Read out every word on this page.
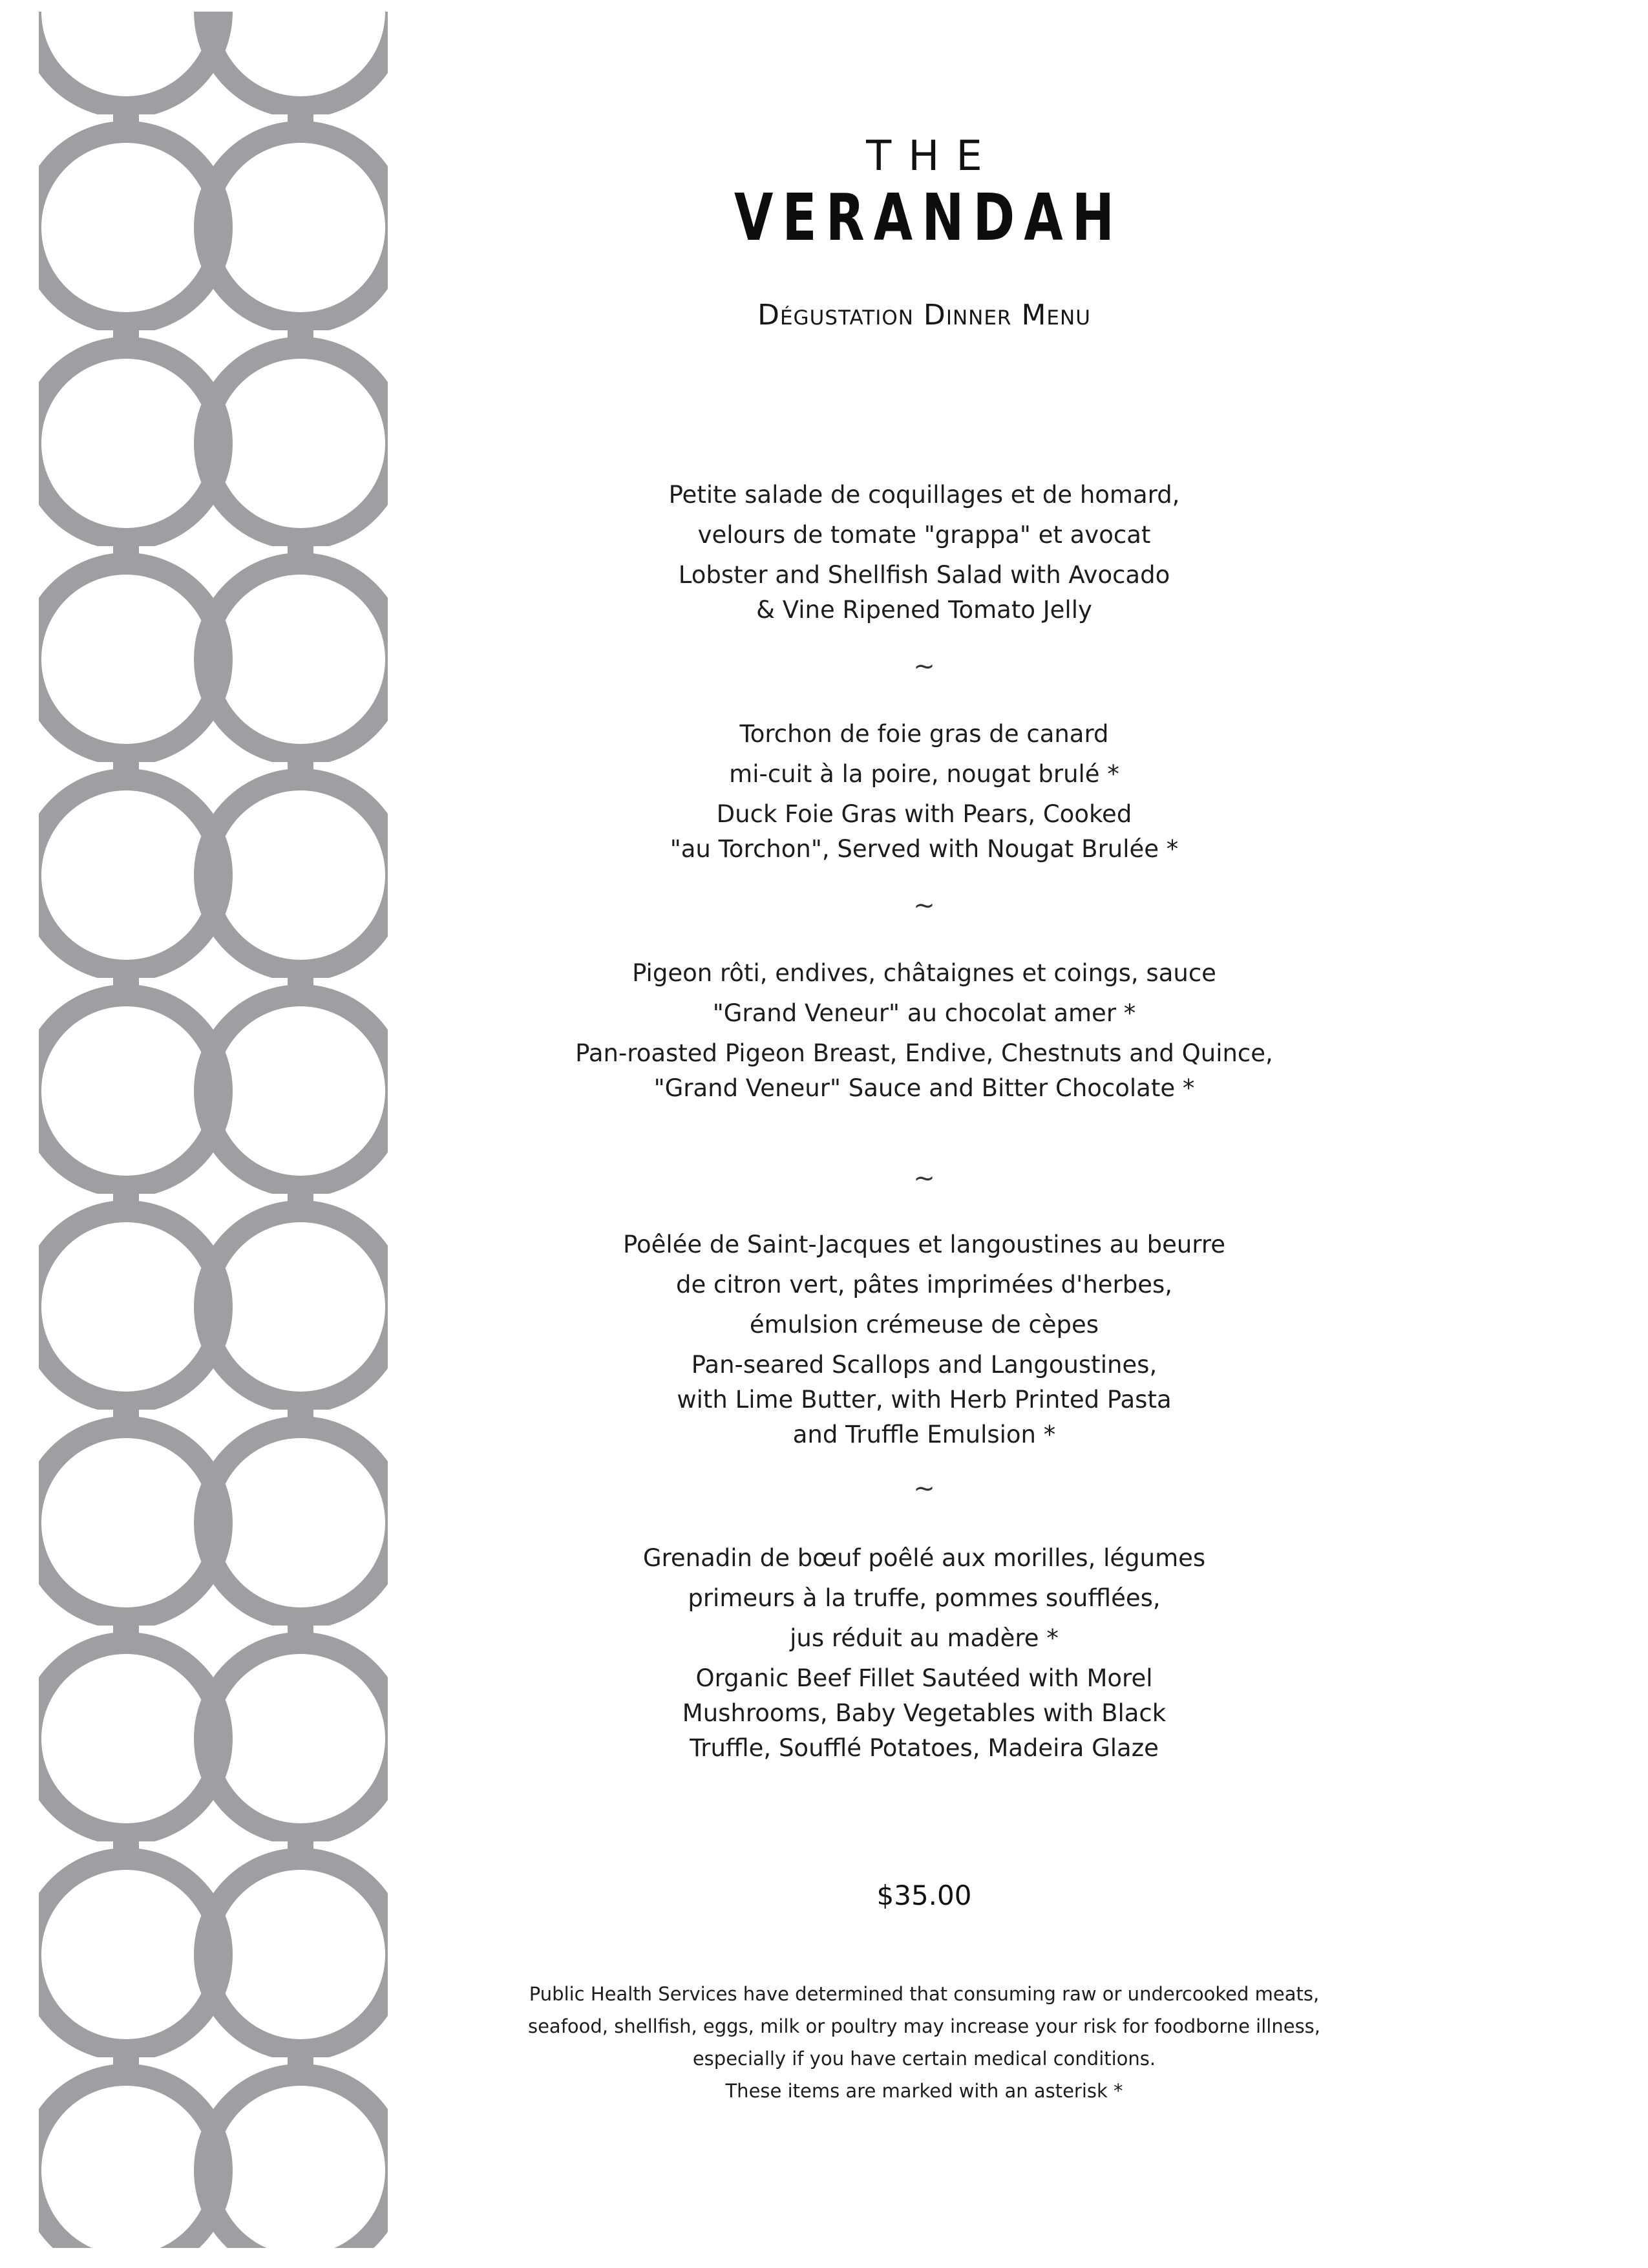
THE
VERANDAH
Dégustation Dinner Menu
Petite salade de coquillages et de homard,
velours de tomate "grappa" et avocat
Lobster and Shellfish Salad with Avocado
& Vine Ripened Tomato Jelly
~
Torchon de foie gras de canard
mi-cuit à la poire, nougat brulé *
Duck Foie Gras with Pears, Cooked
"au Torchon", Served with Nougat Brulée *
~
Pigeon rôti, endives, châtaignes et coings, sauce
"Grand Veneur" au chocolat amer *
Pan-roasted Pigeon Breast, Endive, Chestnuts and Quince,
"Grand Veneur" Sauce and Bitter Chocolate *
~
Poêlée de Saint-Jacques et langoustines au beurre
de citron vert, pâtes imprimées d'herbes,
émulsion crémeuse de cèpes
Pan-seared Scallops and Langoustines,
with Lime Butter, with Herb Printed Pasta
and Truffle Emulsion *
~
Grenadin de bœuf poêlé aux morilles, légumes
primeurs à la truffe, pommes soufflées,
jus réduit au madère *
Organic Beef Fillet Sautéed with Morel
Mushrooms, Baby Vegetables with Black
Truffle, Soufflé Potatoes, Madeira Glaze
$35.00
Public Health Services have determined that consuming raw or undercooked meats,
seafood, shellfish, eggs, milk or poultry may increase your risk for foodborne illness,
especially if you have certain medical conditions.
These items are marked with an asterisk *
